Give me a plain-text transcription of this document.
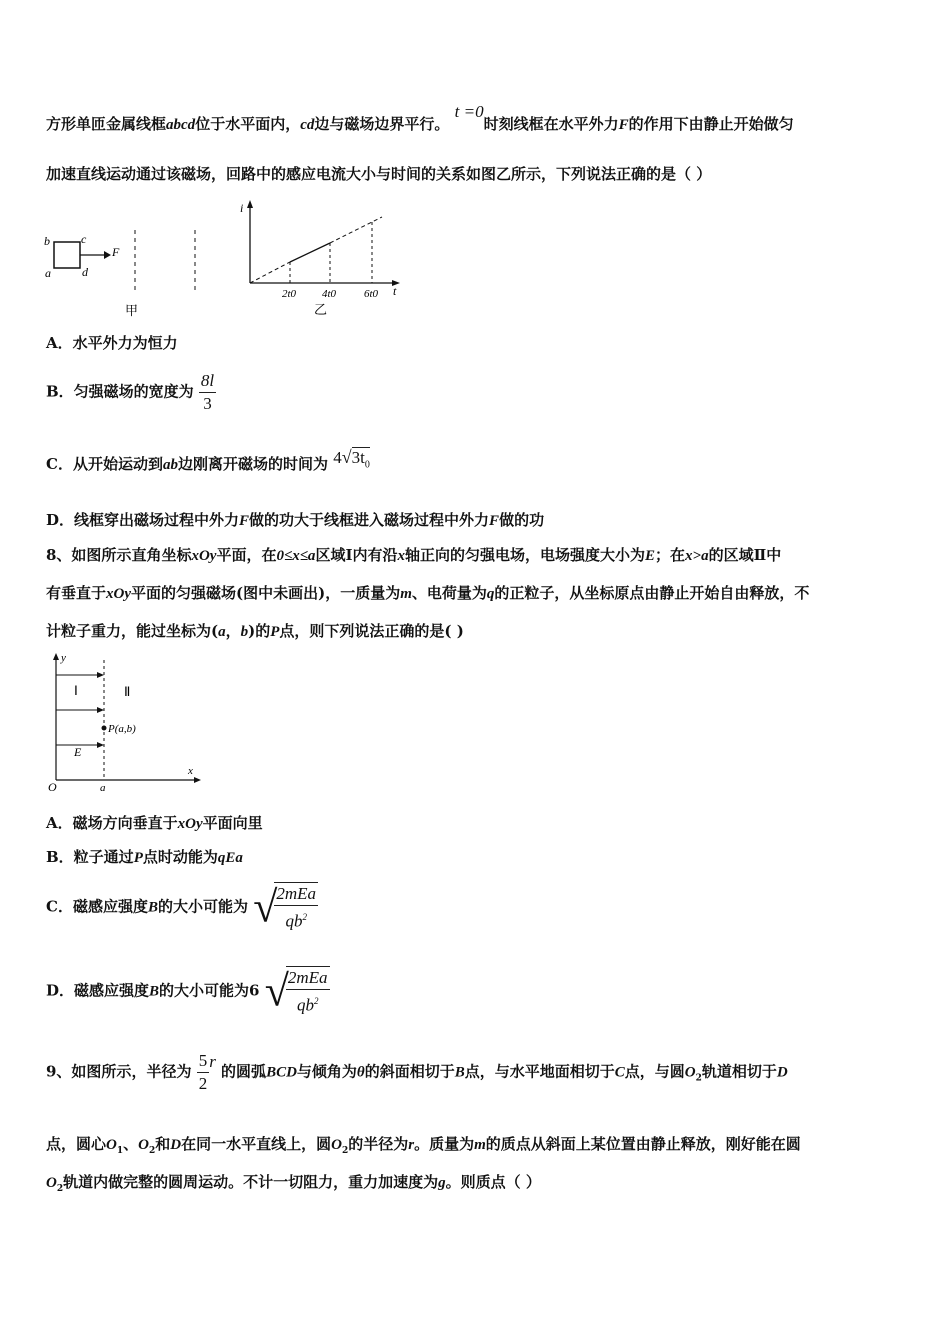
方形单匝金属线框abcd位于水平面内，cd边与磁场边界平行。 t =0时刻线框在水平外力F的作用下由静止开始做匀
加速直线运动通过该磁场，回路中的感应电流大小与时间的关系如图乙所示，下列说法正确的是（ ）
b	c
a	d
F
甲
i
t
2t0 4t0	6t0
乙
A．水平外力为恒力
B．匀强磁场的宽度为 $\frac{8l}{3}$
C．从开始运动到ab边刚离开磁场的时间为 $4√3t_0$
D．线框穿出磁场过程中外力F做的功大于线框进入磁场过程中外力F做的功
8、如图所示直角坐标xOy平面，在0≤x≤a区域Ⅰ内有沿x轴正向的匀强电场，电场强度大小为E；在x>a的区域Ⅱ中
有垂直于xOy平面的匀强磁场(图中未画出)，一质量为m、电荷量为q的正粒子，从坐标原点由静止开始自由释放，不
计粒子重力，能过坐标为(a，b)的P点，则下列说法正确的是( )
y
x
O	a
Ⅰ	Ⅱ
P(a,b)
E
A．磁场方向垂直于xOy平面向里
B．粒子通过P点时动能为qEa
C．磁感应强度B的大小可能为 √
$\frac{\text{2mEa}}{qb^2}$
D．磁感应强度B的大小可能为6 √
$\frac{\text{2mEa}}{qb^2}$
9、如图所示，半径为 $\frac{5}{2}$ r 的圆弧BCD与倾角为θ的斜面相切于B点，与水平地面相切于C点，与圆$O_2$轨道相切于D
点，圆心$O_1$、$O_2$和D在同一水平直线上，圆$O_2$的半径为r。质量为m的质点从斜面上某位置由静止释放，刚好能在圆
$O_2$轨道内做完整的圆周运动。不计一切阻力，重力加速度为g。则质点（ ）
